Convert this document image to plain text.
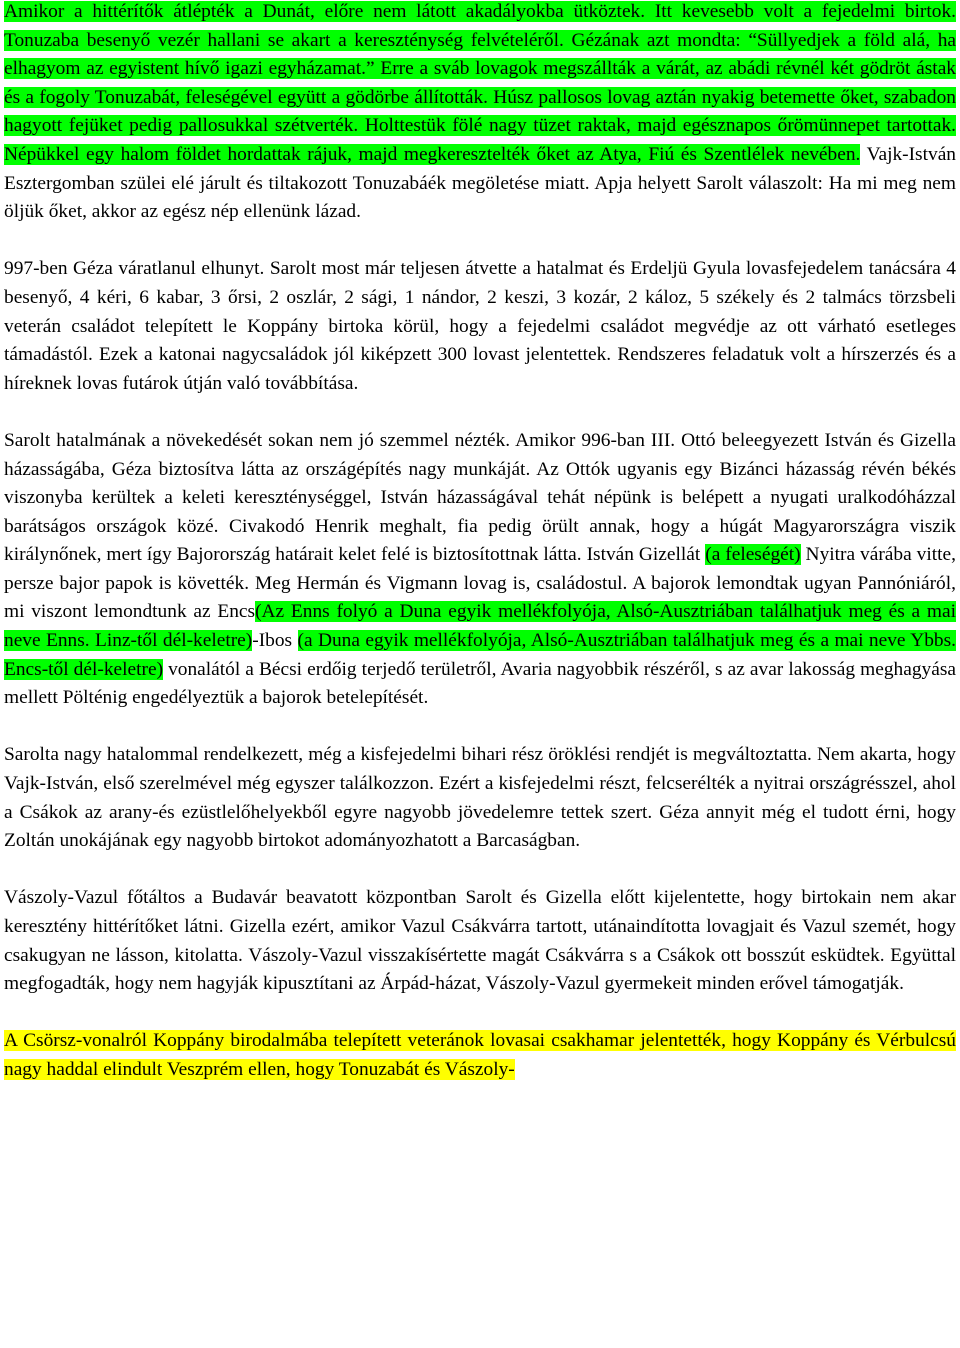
Amikor a hittérítők átlépték a Dunát, előre nem látott akadályokba ütköztek. Itt kevesebb volt a fejedelmi birtok. Tonuzaba besenyő vezér hallani se akart a kereszténység felvételéről. Gézának azt mondta: “Süllyedjek a föld alá, ha elhagyom az egyistent hívő igazi egyházamat.” Erre a sváb lovagok megszállták a várát, az abádi révnél két gödröt ástak és a fogoly Tonuzabát, feleségével együtt a gödörbe állították. Húsz pallosos lovag aztán nyakig betemette őket, szabadon hagyott fejüket pedig pallosukkal szétverték. Holttestük fölé nagy tüzet raktak, majd egésznapos őrömünnepet tartottak. Népükkel egy halom földet hordattak rájuk, majd megkeresztelték őket az Atya, Fiú és Szentlélek nevében. Vajk-István Esztergomban szülei elé járult és tiltakozott Tonuzabáék megöletése miatt. Apja helyett Sarolt válaszolt: Ha mi meg nem öljük őket, akkor az egész nép ellenünk lázad.

997-ben Géza váratlanul elhunyt. Sarolt most már teljesen átvette a hatalmat és Erdeljü Gyula lovasfejedelem tanácsára 4 besenyő, 4 kéri, 6 kabar, 3 őrsi, 2 oszlár, 2 sági, 1 nándor, 2 keszi, 3 kozár, 2 káloz, 5 székely és 2 talmács törzsbeli veterán családot telepített le Koppány birtoka körül, hogy a fejedelmi családot megvédje az ott várható esetleges támadástól. Ezek a katonai nagycsaládok jól kiképzett 300 lovast jelentettek. Rendszeres feladatuk volt a hírszerzés és a híreknek lovas futárok útján való továbbítása.

Sarolt hatalmának a növekedését sokan nem jó szemmel nézték. Amikor 996-ban III. Ottó beleegyezett István és Gizella házasságába, Géza biztosítva látta az országépítés nagy munkáját. Az Ottók ugyanis egy Bizánci házasság révén békés viszonyba kerültek a keleti kereszténységgel, István házasságával tehát népünk is belépett a nyugati uralkodóházzal barátságos országok közé. Civakodó Henrik meghalt, fia pedig örült annak, hogy a húgát Magyarországra viszik királynőnek, mert így Bajorország határait kelet felé is biztosítottnak látta. István Gizellát (a feleségét) Nyitra várába vitte, persze bajor papok is követték. Meg Hermán és Vigmann lovag is, családostul. A bajorok lemondtak ugyan Pannóniáról, mi viszont lemondtunk az Encs(Az Enns folyó a Duna egyik mellékfolyója, Alsó-Ausztriában találhatjuk meg és a mai neve Enns. Linz-től dél-keletre)-Ibos (a Duna egyik mellékfolyója, Alsó-Ausztriában találhatjuk meg és a mai neve Ybbs. Encs-től dél-keletre) vonalától a Bécsi erdőig terjedő területről, Avaria nagyobbik részéről, s az avar lakosság meghagyása mellett Pölténig engedélyeztük a bajorok betelepítését.

Sarolta nagy hatalommal rendelkezett, még a kisfejedelmi bihari rész öröklési rendjét is megváltoztatta. Nem akarta, hogy Vajk-István, első szerelmével még egyszer találkozzon. Ezért a kisfejedelmi részt, felcserélték a nyitrai országrésszel, ahol a Csákok az arany-és ezüstlelőhelyekből egyre nagyobb jövedelemre tettek szert. Géza annyit még el tudott érni, hogy Zoltán unokájának egy nagyobb birtokot adományozhatott a Barcaságban.

Vászoly-Vazul főtáltos a Budavár beavatott központban Sarolt és Gizella előtt kijelentette, hogy birtokain nem akar keresztény hittérítőket látni. Gizella ezért, amikor Vazul Csákvárra tartott, utánaindította lovagjait és Vazul szemét, hogy csakugyan ne lásson, kitolatta. Vászoly-Vazul visszakísértette magát Csákvárra s a Csákok ott bosszút esküdtek. Együttal megfogadták, hogy nem hagyják kipusztítani az Árpád-házat, Vászoly-Vazul gyermekeit minden erővel támogatják.

A Csörsz-vonalról Koppány birodalmába telepített veteránok lovasai csakhamar jelentették, hogy Koppány és Vérbulcsú nagy haddal elindult Veszprém ellen, hogy Tonuzabát és Vászoly-
